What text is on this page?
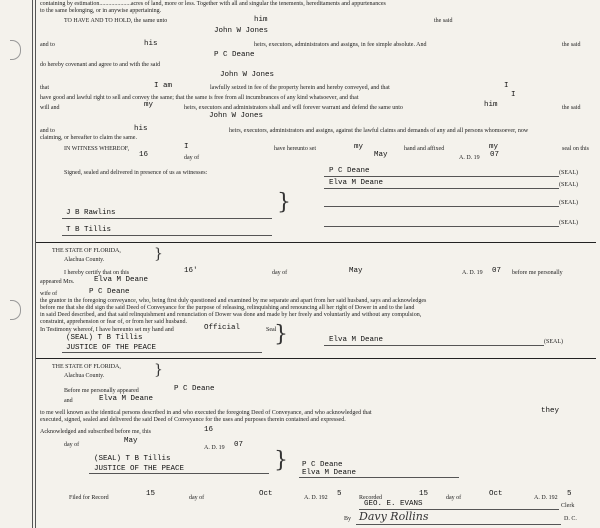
containing by estimation.....................acres of land, more or less. Together with all and singular the tenements, hereditaments and appurtenances
to the same belonging, or in anywise appertaining.
TO HAVE AND TO HOLD, the same unto	him	the said
John W Jones
and to	his	heirs, executors, administrators and assigns, in fee simple absolute. And	the said
P C Deane
do hereby covenant and agree to and with the said
John W Jones
that	I am	lawfully seized in fee of the property herein and hereby conveyed, and that	I
have good and lawful right to sell and convey the same; that the same is free from all incumbrances of any kind whatsoever, and that	I
will and	my	heirs, executors and administrators shall and will forever warrant and defend the same unto	him	the said
John W Jones
and to	his	heirs, executors, administrators and assigns, against the lawful claims and demands of any and all persons whomsoever, now
claiming, or hereafter to claim the same.
IN WITNESS WHEREOF,	I	have hereunto set	my	hand and affixed	my	seal on this
16	day of	May	A. D. 19 07
Signed, sealed and delivered in presence of us as witnesses:	P C Deane	(SEAL)
Elva M Deane	(SEAL)
J B Rawlins	}	(SEAL)
T B Tillis
(SEAL)
THE STATE OF FLORIDA, }
Alachua County.
I hereby certify that on this	16'	day of	May	A. D. 19 07 before me personally
appeared Mrs.	Elva M Deane
wife of	P C Deane
the grantor in the foregoing conveyance, who, being first duly questioned and examined by me separate and apart from her said husband, says and acknowledges
before me that she did sign the said Deed of Conveyance for the purpose of releasing, relinquishing and renouncing all her right of Dower in and to the land
in said Deed described, and that said relinquishment and renunciation of Dower was done and made by her freely and voluntarily and without any compulsion,
constraint, apprehension or fear of, or from her said husband.
In Testimony whereof, I have hereunto set my hand and	Official	Seal
(SEAL) T B Tillis
JUSTICE OF THE PEACE
}	Elva M Deane	(SEAL)
THE STATE OF FLORIDA, }
Alachua County.
Before me personally appeared	P C Deane
and	Elva M Deane
to me well known as the identical persons described in and who executed the foregoing Deed of Conveyance, and who acknowledged that	they
executed, signed, sealed and delivered the said Deed of Conveyance for the uses and purposes therein contained and expressed.
Acknowledged and subscribed before me, this	16
day of	May
A. D. 19 07
(SEAL) T B Tillis
JUSTICE OF THE PEACE	} P C Deane
Elva M Deane
Filed for Record	15	day of	Oct	A. D. 192 5	Recorded	15	day of	Oct	A. D. 192 5
GEO. E. EVANS	Clerk
By Davy Rollins	D. C.
